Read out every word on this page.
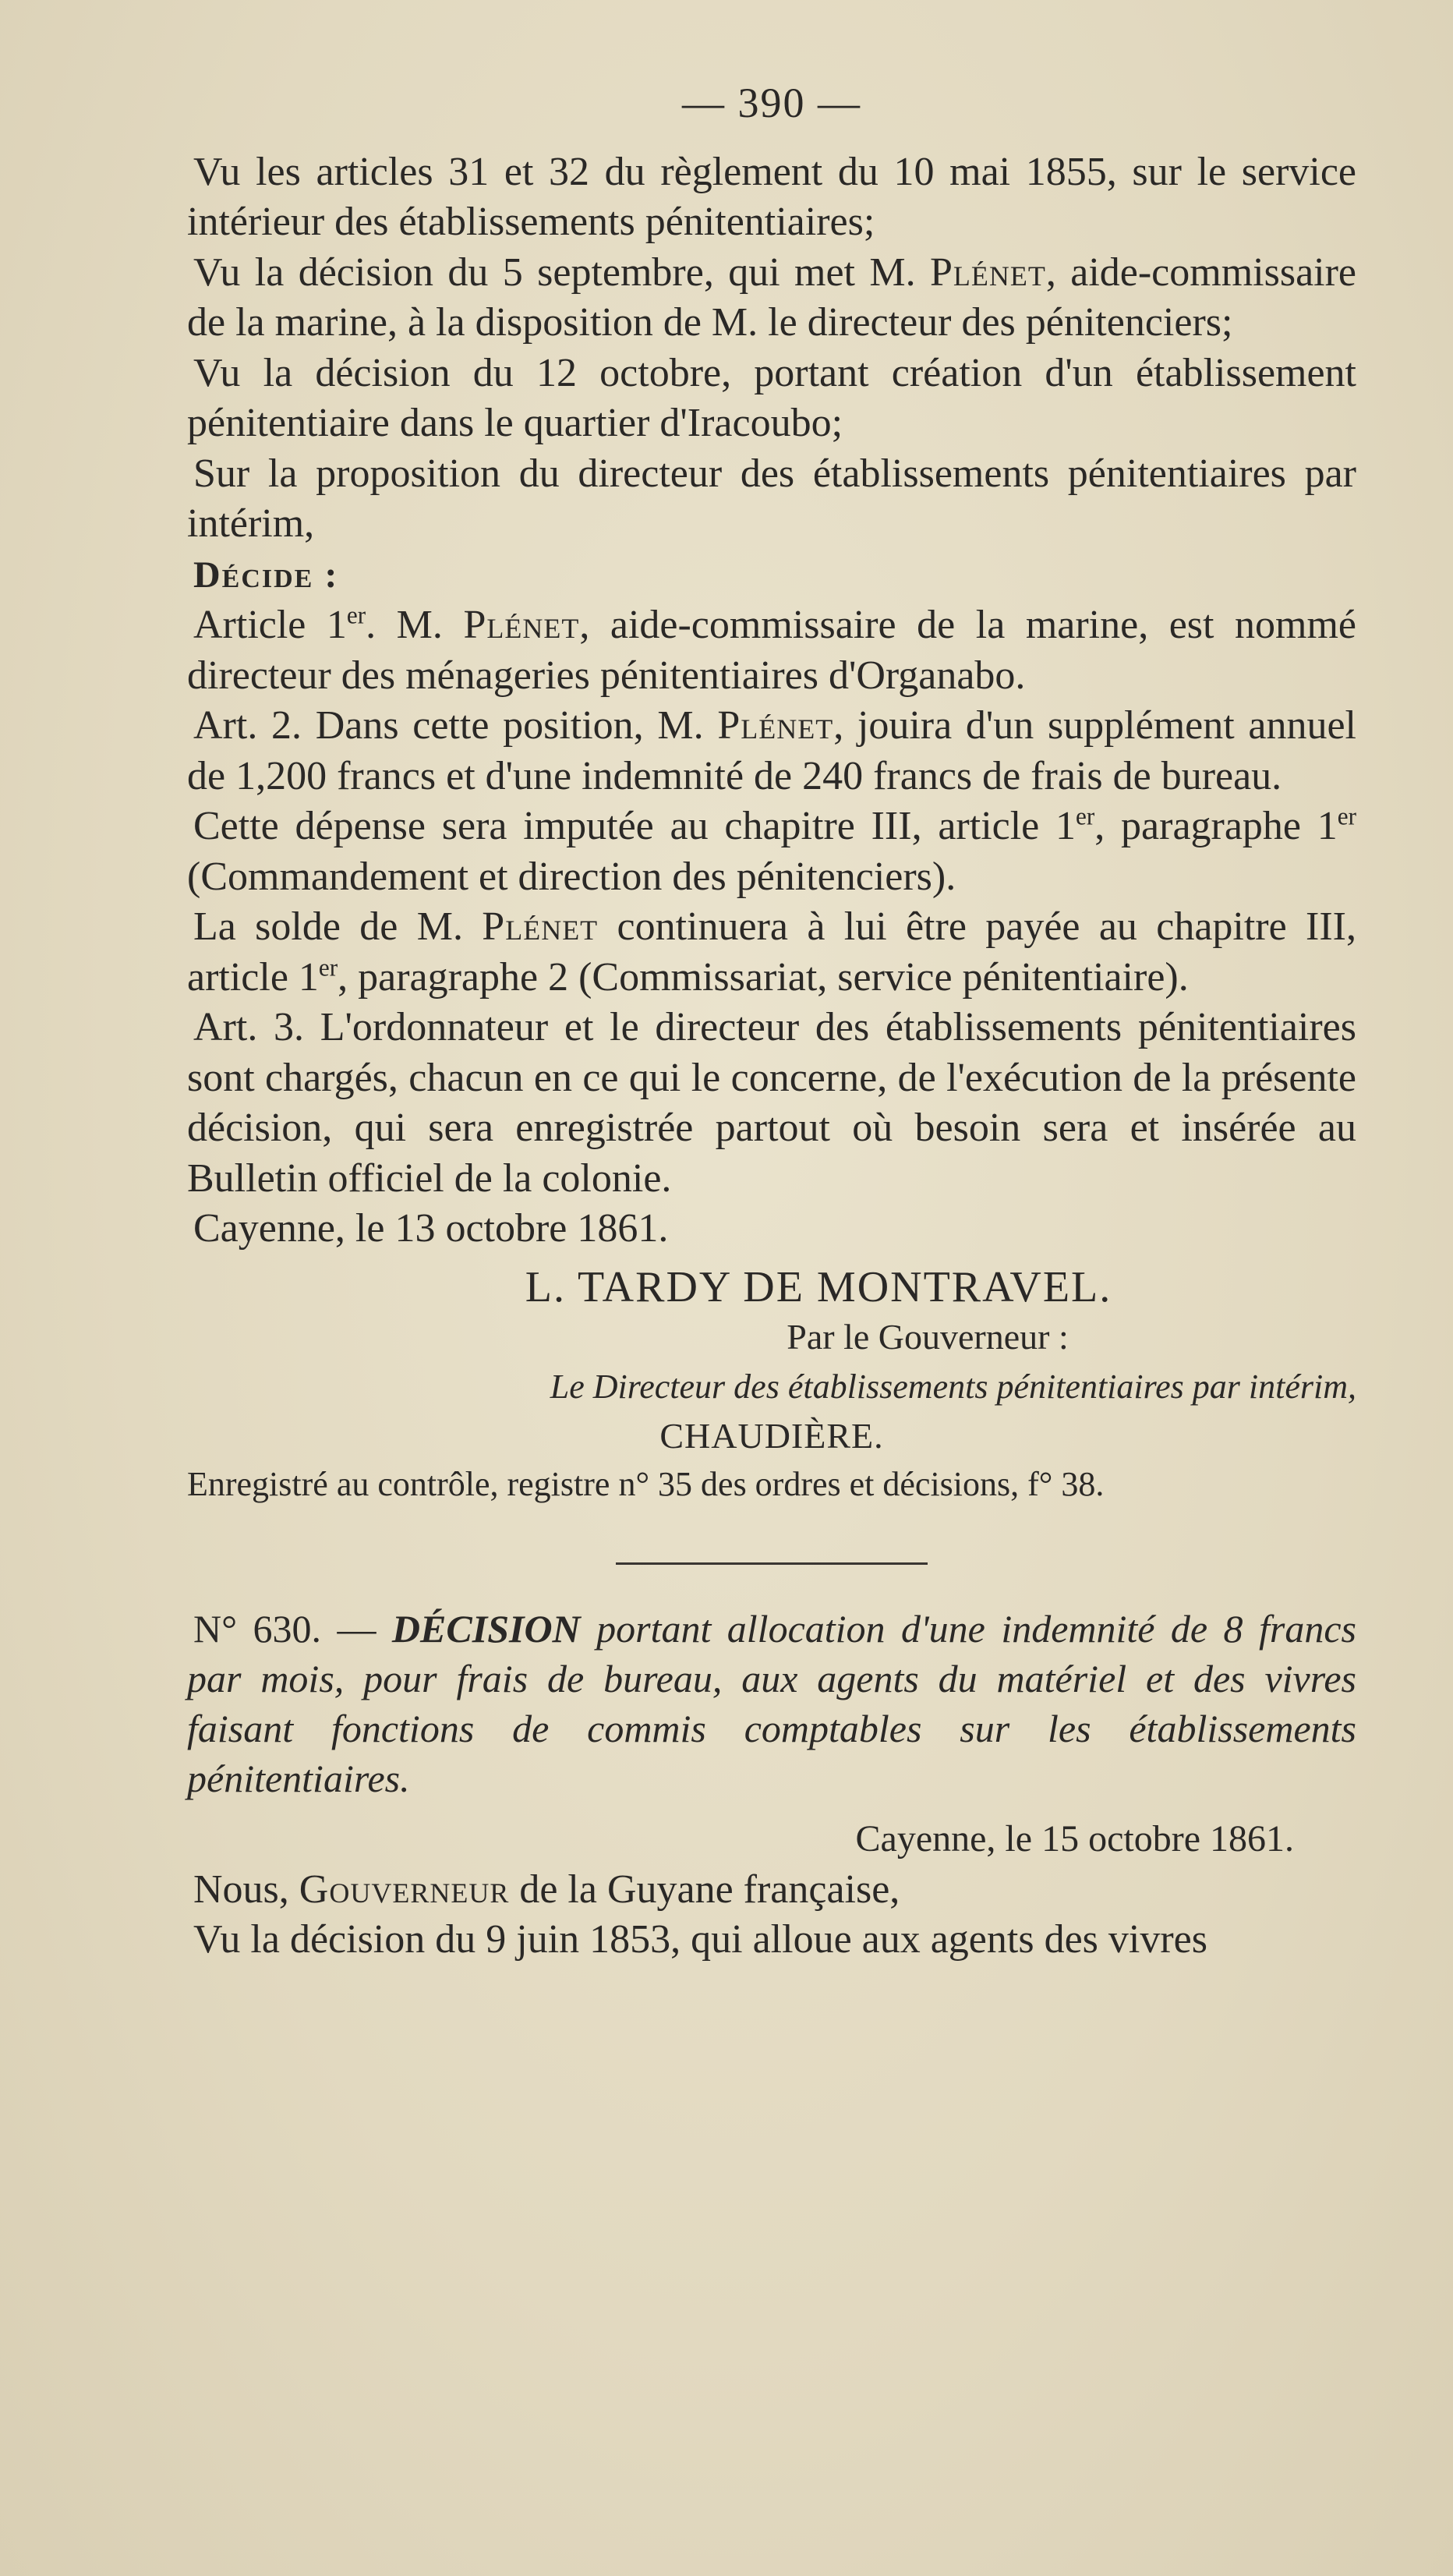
— 390 —

Vu les articles 31 et 32 du règlement du 10 mai 1855, sur le service intérieur des établissements pénitentiaires;

Vu la décision du 5 septembre, qui met M. Plénet, aide-commissaire de la marine, à la disposition de M. le directeur des pénitenciers;

Vu la décision du 12 octobre, portant création d'un établissement pénitentiaire dans le quartier d'Iracoubo;

Sur la proposition du directeur des établissements pénitentiaires par intérim,

Décide :

Article 1er. M. Plénet, aide-commissaire de la marine, est nommé directeur des ménageries pénitentiaires d'Organabo.

Art. 2. Dans cette position, M. Plénet, jouira d'un supplément annuel de 1,200 francs et d'une indemnité de 240 francs de frais de bureau.

Cette dépense sera imputée au chapitre III, article 1er, paragraphe 1er (Commandement et direction des pénitenciers).

La solde de M. Plénet continuera à lui être payée au chapitre III, article 1er, paragraphe 2 (Commissariat, service pénitentiaire).

Art. 3. L'ordonnateur et le directeur des établissements pénitentiaires sont chargés, chacun en ce qui le concerne, de l'exécution de la présente décision, qui sera enregistrée partout où besoin sera et insérée au Bulletin officiel de la colonie.

Cayenne, le 13 octobre 1861.

L. TARDY DE MONTRAVEL.
Par le Gouverneur :
Le Directeur des établissements pénitentiaires par intérim,
CHAUDIÈRE.
Enregistré au contrôle, registre n° 35 des ordres et décisions, f° 38.

N° 630. — DÉCISION portant allocation d'une indemnité de 8 francs par mois, pour frais de bureau, aux agents du matériel et des vivres faisant fonctions de commis comptables sur les établissements pénitentiaires.

Cayenne, le 15 octobre 1861.

Nous, Gouverneur de la Guyane française,

Vu la décision du 9 juin 1853, qui alloue aux agents des vivres
